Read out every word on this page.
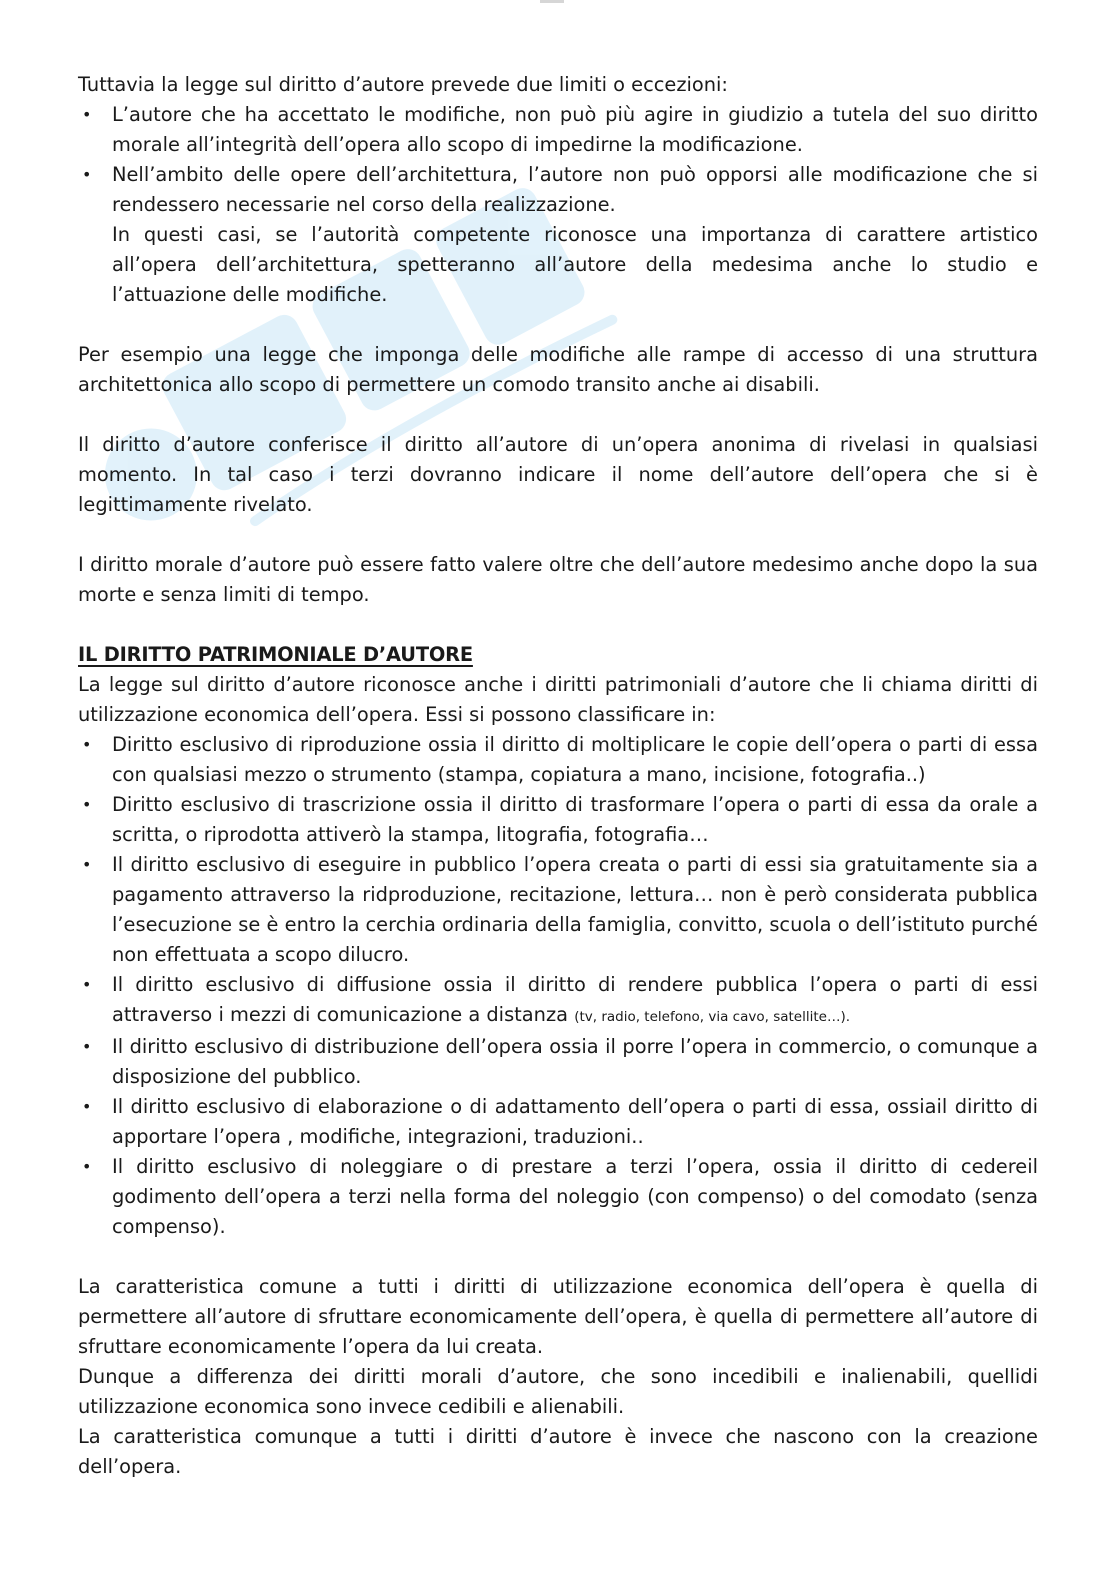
Tuttavia la legge sul diritto d’autore prevede due limiti o eccezioni:

• L’autore che ha accettato le modifiche, non può più agire in giudizio a tutela del suo diritto morale all’integrità dell’opera allo scopo di impedirne la modificazione.
• Nell’ambito delle opere dell’architettura, l’autore non può opporsi alle modificazione che si rendessero necessarie nel corso della realizzazione.
In questi casi, se l’autorità competente riconosce una importanza di carattere artistico all’opera dell’architettura, spetteranno all’autore della medesima anche lo studio e l’attuazione delle modifiche.

Per esempio una legge che imponga delle modifiche alle rampe di accesso di una struttura architettonica allo scopo di permettere un comodo transito anche ai disabili.

Il diritto d’autore conferisce il diritto all’autore di un’opera anonima di rivelasi in qualsiasi momento. In tal caso i terzi dovranno indicare il nome dell’autore dell’opera che si è legittimamente rivelato.

I diritto morale d’autore può essere fatto valere oltre che dell’autore medesimo anche dopo la sua morte e senza limiti di tempo.

IL DIRITTO PATRIMONIALE D’AUTORE

La legge sul diritto d’autore riconosce anche i diritti patrimoniali d’autore che li chiama diritti di utilizzazione economica dell’opera. Essi si possono classificare in:

• Diritto esclusivo di riproduzione ossia il diritto di moltiplicare le copie dell’opera o parti di essa con qualsiasi mezzo o strumento (stampa, copiatura a mano, incisione, fotografia..)
• Diritto esclusivo di trascrizione ossia il diritto di trasformare l’opera o parti di essa da orale a scritta, o riprodotta attiverò la stampa, litografia, fotografia…
• Il diritto esclusivo di eseguire in pubblico l’opera creata o parti di essi sia gratuitamente sia a pagamento attraverso la ridproduzione, recitazione, lettura… non è però considerata pubblica l’esecuzione se è entro la cerchia ordinaria della famiglia, convitto, scuola o dell’istituto purché non effettuata a scopo dilucro.
• Il diritto esclusivo di diffusione ossia il diritto di rendere pubblica l’opera o parti di essi attraverso i mezzi di comunicazione a distanza (tv, radio, telefono, via cavo, satellite…).
• Il diritto esclusivo di distribuzione dell’opera ossia il porre l’opera in commercio, o comunque a disposizione del pubblico.
• Il diritto esclusivo di elaborazione o di adattamento dell’opera o parti di essa, ossiail diritto di apportare l’opera , modifiche, integrazioni, traduzioni..
• Il diritto esclusivo di noleggiare o di prestare a terzi l’opera, ossia il diritto di cedereil godimento dell’opera a terzi nella forma del noleggio (con compenso) o del comodato (senza compenso).

La caratteristica comune a tutti i diritti di utilizzazione economica dell’opera è quella di permettere all’autore di sfruttare economicamente dell’opera, è quella di permettere all’autore di sfruttare economicamente l’opera da lui creata.

Dunque a differenza dei diritti morali d’autore, che sono incedibili e inalienabili, quellidi utilizzazione economica sono invece cedibili e alienabili.

La caratteristica comunque a tutti i diritti d’autore è invece che nascono con la creazione dell’opera.
